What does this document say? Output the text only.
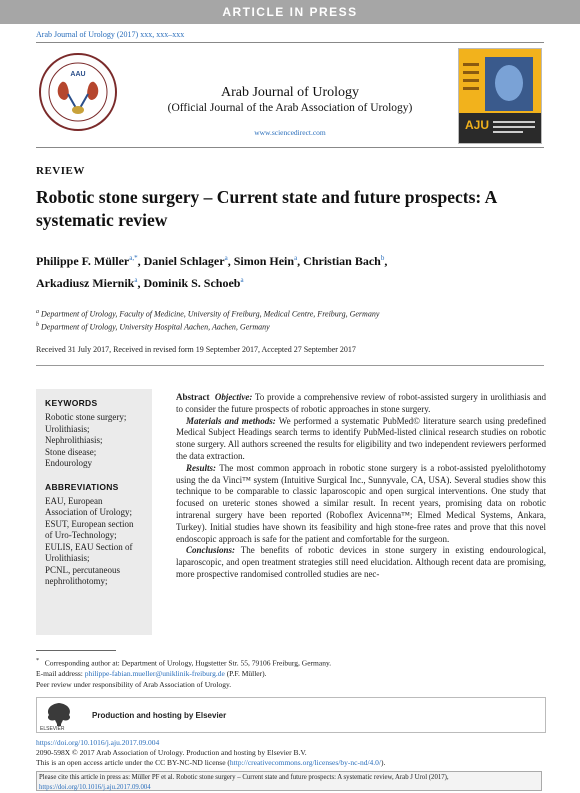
ARTICLE IN PRESS
Arab Journal of Urology (2017) xxx, xxx–xxx
AAU
Arab Journal of Urology
(Official Journal of the Arab Association of Urology)
www.sciencedirect.com
AJU
REVIEW
Robotic stone surgery – Current state and future prospects: A systematic review
Philippe F. Müller$^{a,*}$, Daniel Schlager$^a$, Simon Hein$^a$, Christian Bach$^b$,
Arkadiusz Miernik$^a$, Dominik S. Schoeb$^a$
$^a$ Department of Urology, Faculty of Medicine, University of Freiburg, Medical Centre, Freiburg, Germany
$^b$ Department of Urology, University Hospital Aachen, Aachen, Germany
Received 31 July 2017, Received in revised form 19 September 2017, Accepted 27 September 2017
KEYWORDS
Robotic stone surgery;
Urolithiasis;
Nephrolithiasis;
Stone disease;
Endourology
ABBREVIATIONS
EAU, European Association of Urology;
ESUT, European section of Uro-Technology;
EULIS, EAU Section of Urolithiasis;
PCNL, percutaneous nephrolithotomy;

Abstract Objective: To provide a comprehensive review of robot-assisted surgery in urolithiasis and to consider the future prospects of robotic approaches in stone surgery.

Materials and methods: We performed a systematic PubMed© literature search using predefined Medical Subject Headings search terms to identify PubMed-listed clinical research studies on robotic stone surgery. All authors screened the results for eligibility and two independent reviewers performed the data extraction.

Results: The most common approach in robotic stone surgery is a robot-assisted pyelolithotomy using the da Vinci™ system (Intuitive Surgical Inc., Sunnyvale, CA, USA). Several studies show this technique to be comparable to classic laparoscopic and open surgical interventions. One study that focused on ureteric stones showed a similar result. In recent years, promising data on robotic intrarenal surgery have been reported (Roboflex Avicenna™; Elmed Medical Systems, Ankara, Turkey). Initial studies have shown its feasibility and high stone-free rates and prove that this novel endoscopic approach is safe for the patient and comfortable for the surgeon.

Conclusions: The benefits of robotic devices in stone surgery in existing endourological, laparoscopic, and open treatment strategies still need elucidation. Although recent data are promising, more prospective randomised controlled studies are nec-

* Corresponding author at: Department of Urology, Hugstetter Str. 55, 79106 Freiburg, Germany.
E-mail address: philippe-fabian.mueller@uniklinik-freiburg.de (P.F. Müller).
Peer review under responsibility of Arab Association of Urology.
ELSEVIER
Production and hosting by Elsevier
https://doi.org/10.1016/j.aju.2017.09.004
2090-598X © 2017 Arab Association of Urology. Production and hosting by Elsevier B.V.
This is an open access article under the CC BY-NC-ND license (http://creativecommons.org/licenses/by-nc-nd/4.0/).
Please cite this article in press as: Müller PF et al. Robotic stone surgery – Current state and future prospects: A systematic review, Arab J Urol (2017), https://doi.org/10.1016/j.aju.2017.09.004
